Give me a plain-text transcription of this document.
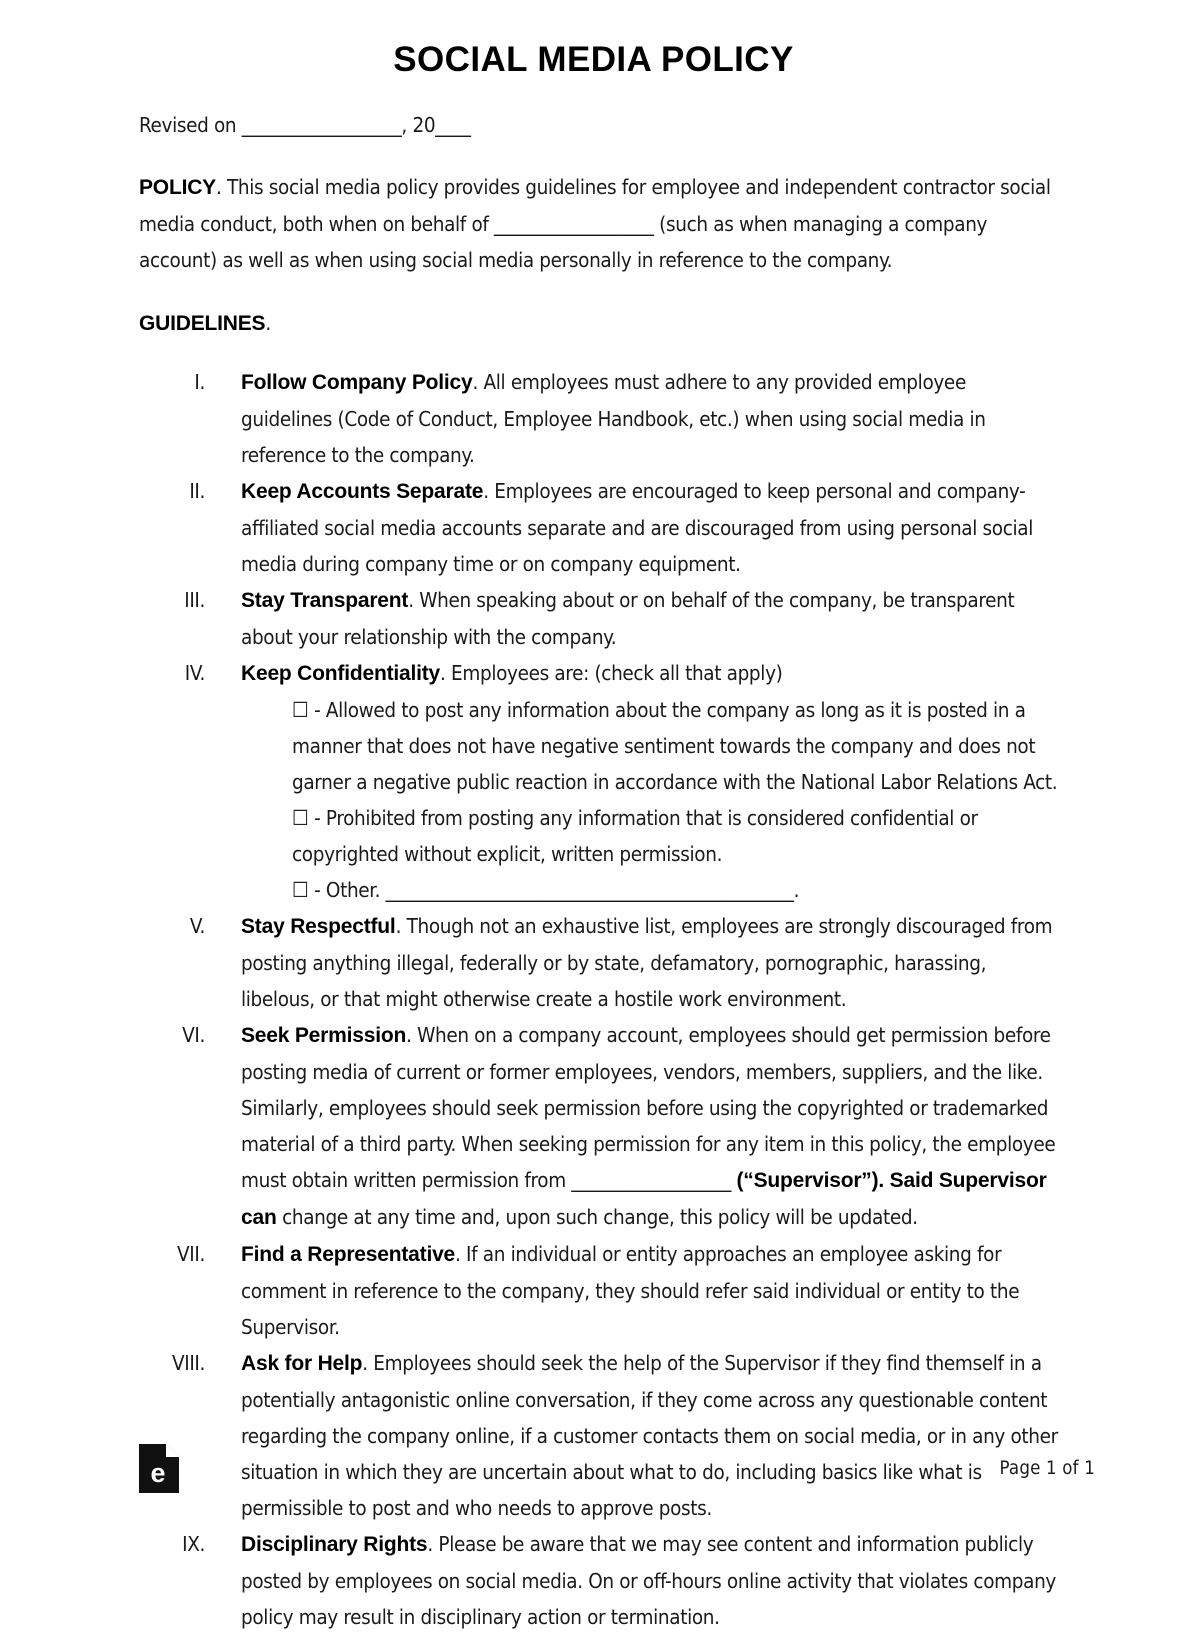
SOCIAL MEDIA POLICY

Revised on __________________, 20____

POLICY. This social media policy provides guidelines for employee and independent contractor social media conduct, both when on behalf of __________________ (such as when managing a company account) as well as when using social media personally in reference to the company.

GUIDELINES.

I.	Follow Company Policy. All employees must adhere to any provided employee guidelines (Code of Conduct, Employee Handbook, etc.) when using social media in reference to the company.
II.	Keep Accounts Separate. Employees are encouraged to keep personal and company-affiliated social media accounts separate and are discouraged from using personal social media during company time or on company equipment.
III.	Stay Transparent. When speaking about or on behalf of the company, be transparent about your relationship with the company.
IV.	Keep Confidentiality. Employees are: (check all that apply)
☐ - Allowed to post any information about the company as long as it is posted in a manner that does not have negative sentiment towards the company and does not garner a negative public reaction in accordance with the National Labor Relations Act.
☐ - Prohibited from posting any information that is considered confidential or copyrighted without explicit, written permission.
☐ - Other. ______________________________________________.
V.	Stay Respectful. Though not an exhaustive list, employees are strongly discouraged from posting anything illegal, federally or by state, defamatory, pornographic, harassing, libelous, or that might otherwise create a hostile work environment.
VI.	Seek Permission. When on a company account, employees should get permission before posting media of current or former employees, vendors, members, suppliers, and the like. Similarly, employees should seek permission before using the copyrighted or trademarked material of a third party. When seeking permission for any item in this policy, the employee must obtain written permission from __________________ (“Supervisor”). Said Supervisor can change at any time and, upon such change, this policy will be updated.
VII.	Find a Representative. If an individual or entity approaches an employee asking for comment in reference to the company, they should refer said individual or entity to the Supervisor.
VIII.	Ask for Help. Employees should seek the help of the Supervisor if they find themself in a potentially antagonistic online conversation, if they come across any questionable content regarding the company online, if a customer contacts them on social media, or in any other situation in which they are uncertain about what to do, including basics like what is permissible to post and who needs to approve posts.
IX.	Disciplinary Rights. Please be aware that we may see content and information publicly posted by employees on social media. On or off-hours online activity that violates company policy may result in disciplinary action or termination.
e	Page 1 of 1
